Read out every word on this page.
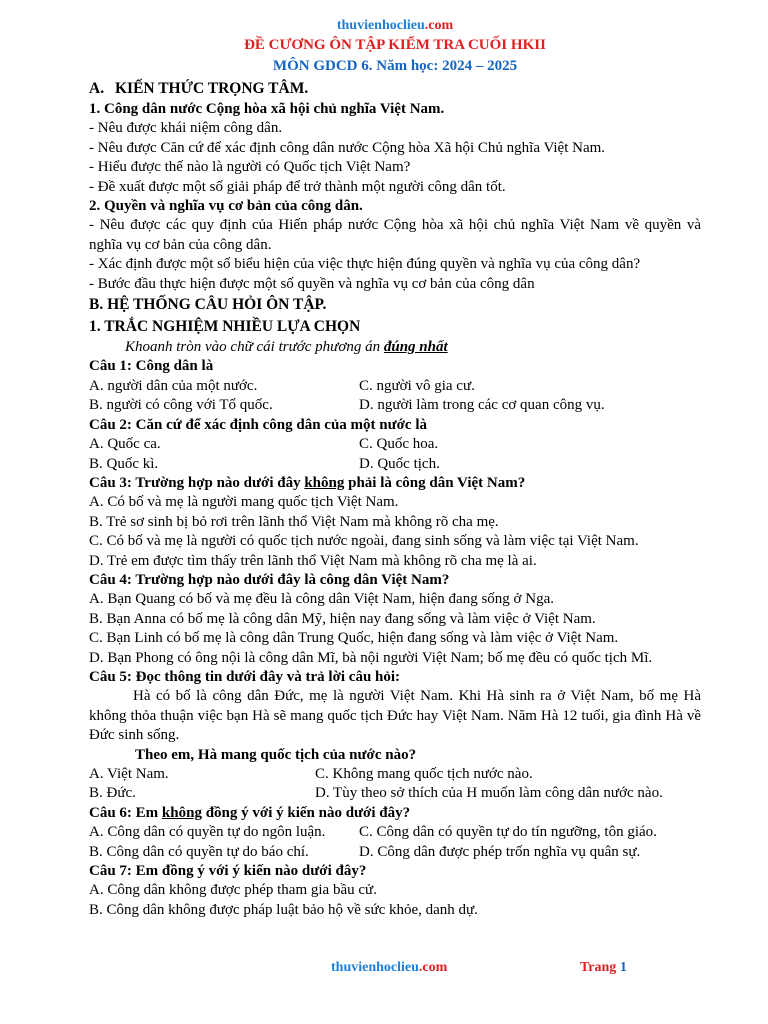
thuvienhoclieu.com
ĐỀ CƯƠNG ÔN TẬP KIỂM TRA CUỐI HKII
MÔN GDCD 6. Năm học: 2024 – 2025
A. KIẾN THỨC TRỌNG TÂM.
1. Công dân nước Cộng hòa xã hội chủ nghĩa Việt Nam.
- Nêu được khái niệm công dân.
- Nêu được Căn cứ để xác định công dân nước Cộng hòa Xã hội Chủ nghĩa Việt Nam.
- Hiểu được thế nào là người có Quốc tịch Việt Nam?
- Đề xuất được một số giải pháp để trở thành một người công dân tốt.
2. Quyền và nghĩa vụ cơ bản của công dân.
- Nêu được các quy định của Hiến pháp nước Cộng hòa xã hội chủ nghĩa Việt Nam về quyền và nghĩa vụ cơ bản của công dân.
- Xác định được một số biểu hiện của việc thực hiện đúng quyền và nghĩa vụ của công dân?
- Bước đầu thực hiện được một số quyền và nghĩa vụ cơ bản của công dân
B. HỆ THỐNG CÂU HỎI ÔN TẬP.
1. TRẮC NGHIỆM NHIỀU LỰA CHỌN
Khoanh tròn vào chữ cái trước phương án đúng nhất
Câu 1: Công dân là
A. người dân của một nước.	C. người vô gia cư.
B. người có công với Tổ quốc.	D. người làm trong các cơ quan công vụ.
Câu 2: Căn cứ để xác định công dân của một nước là
A. Quốc ca.	C. Quốc hoa.
B. Quốc kì.	D. Quốc tịch.
Câu 3: Trường hợp nào dưới đây không phải là công dân Việt Nam?
A. Có bố và mẹ là người mang quốc tịch Việt Nam.
B. Trẻ sơ sinh bị bỏ rơi trên lãnh thổ Việt Nam mà không rõ cha mẹ.
C. Có bố và mẹ là người có quốc tịch nước ngoài, đang sinh sống và làm việc tại Việt Nam.
D. Trẻ em được tìm thấy trên lãnh thổ Việt Nam mà không rõ cha mẹ là ai.
Câu 4: Trường hợp nào dưới đây là công dân Việt Nam?
A. Bạn Quang có bố và mẹ đều là công dân Việt Nam, hiện đang sống ở Nga.
B. Bạn Anna có bố mẹ là công dân Mỹ, hiện nay đang sống và làm việc ở Việt Nam.
C. Bạn Linh có bố mẹ là công dân Trung Quốc, hiện đang sống và làm việc ở Việt Nam.
D. Bạn Phong có ông nội là công dân Mĩ, bà nội người Việt Nam; bố mẹ đều có quốc tịch Mĩ.
Câu 5: Đọc thông tin dưới đây và trả lời câu hỏi:
Hà có bố là công dân Đức, mẹ là người Việt Nam. Khi Hà sinh ra ở Việt Nam, bố mẹ Hà không thỏa thuận việc bạn Hà sẽ mang quốc tịch Đức hay Việt Nam. Năm Hà 12 tuổi, gia đình Hà về Đức sinh sống.
Theo em, Hà mang quốc tịch của nước nào?
A. Việt Nam.	C. Không mang quốc tịch nước nào.
B. Đức.	D. Tùy theo sở thích của H muốn làm công dân nước nào.
Câu 6: Em không đồng ý với ý kiến nào dưới đây?
A. Công dân có quyền tự do ngôn luận.	C. Công dân có quyền tự do tín ngưỡng, tôn giáo.
B. Công dân có quyền tự do báo chí.	D. Công dân được phép trốn nghĩa vụ quân sự.
Câu 7: Em đồng ý với ý kiến nào dưới đây?
A. Công dân không được phép tham gia bầu cử.
B. Công dân không được pháp luật bảo hộ về sức khỏe, danh dự.
thuvienhoclieu.com	Trang 1
